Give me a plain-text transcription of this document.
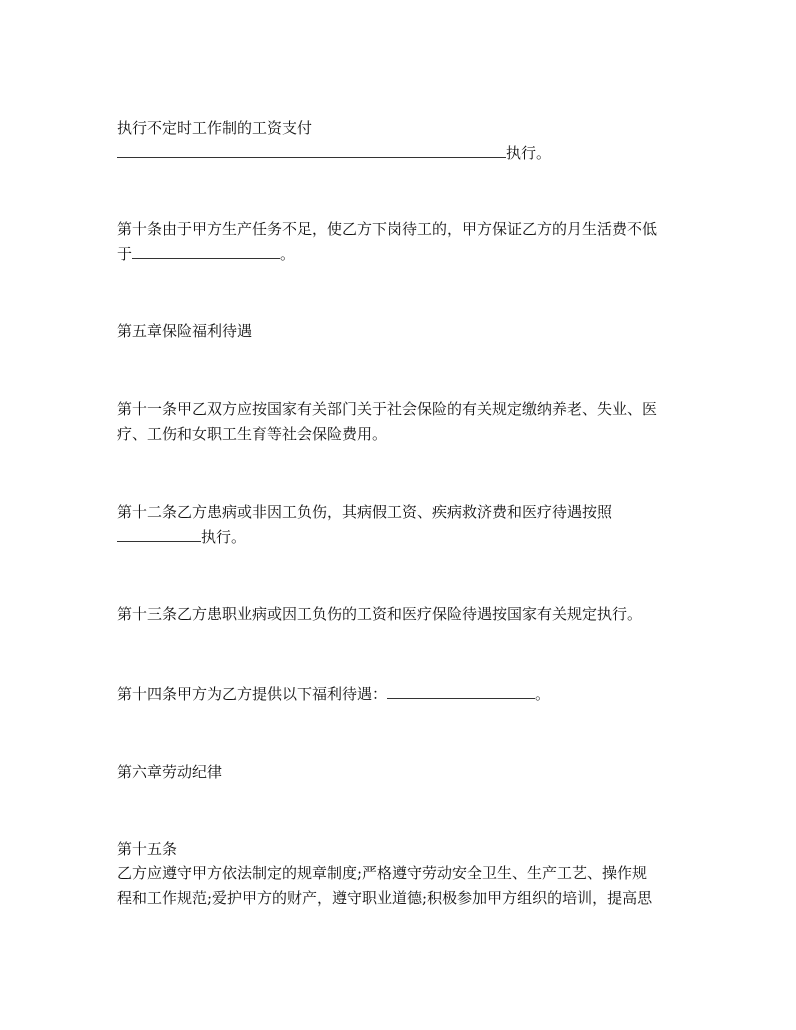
执行不定时工作制的工资支付
执行。
第十条由于甲方生产任务不足，使乙方下岗待工的，甲方保证乙方的月生活费不低
于	。
第五章保险福利待遇
第十一条甲乙双方应按国家有关部门关于社会保险的有关规定缴纳养老、失业、医
疗、工伤和女职工生育等社会保险费用。
第十二条乙方患病或非因工负伤，其病假工资、疾病救济费和医疗待遇按照
执行。
第十三条乙方患职业病或因工负伤的工资和医疗保险待遇按国家有关规定执行。
第十四条甲方为乙方提供以下福利待遇：	。
第六章劳动纪律
第十五条
乙方应遵守甲方依法制定的规章制度;严格遵守劳动安全卫生、生产工艺、操作规
程和工作规范;爱护甲方的财产，遵守职业道德;积极参加甲方组织的培训，提高思
